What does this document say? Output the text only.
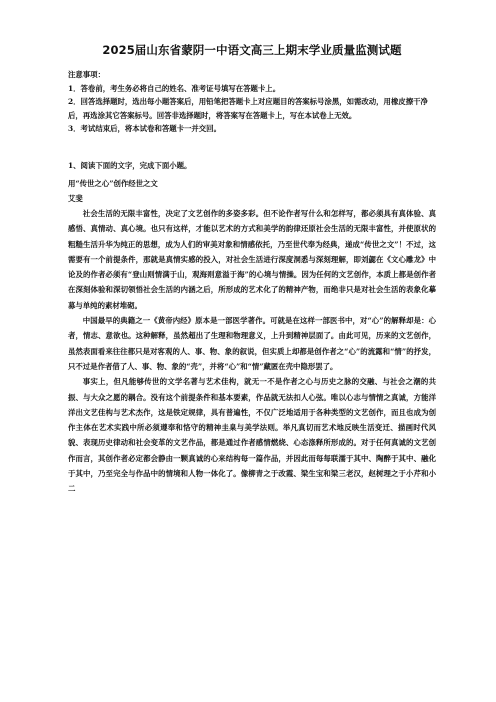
2025届山东省蒙阴一中语文高三上期末学业质量监测试题

注意事项：

1．答卷前，考生务必将自己的姓名、准考证号填写在答题卡上。

2．回答选择题时，选出每小题答案后，用铅笔把答题卡上对应题目的答案标号涂黑，如需改动，用橡皮擦干净后，再选涂其它答案标号。回答非选择题时，将答案写在答题卡上，写在本试卷上无效。

3．考试结束后，将本试卷和答题卡一并交回。

1、阅读下面的文字，完成下面小题。

用“传世之心”创作经世之文

艾斐

社会生活的无限丰富性，决定了文艺创作的多姿多彩。但不论作者写什么和怎样写，都必须具有真体验、真感悟、真情动、真心境。也只有这样，才能以艺术的方式和美学的韵律还原社会生活的无限丰富性，并使原状的粗糙生活升华为纯正的思想，成为人们的审美对象和情感依托，乃至世代奉为经典，递成“传世之文”！不过，这需要有一个前提条件，那就是真情实感的投入，对社会生活进行深度洞悉与深刻理解，即刘勰在《文心雕龙》中论及的作者必须有“登山则情满于山，观海则意溢于海”的心境与情操。因为任何的文艺创作，本质上都是创作者在深刻体验和深切领悟社会生活的内涵之后，所形成的艺术化了的精神产物，而绝非只是对社会生活的表象化摹募与单纯的素材堆砌。

中国最早的典籍之一《黄帝内经》原本是一部医学著作。可就是在这样一部医书中，对“心”的解释却是：心者，情志、意欲也。这种解释，虽然超出了生理和物理意义，上升到精神层面了。由此可见，历来的文艺创作，虽然表面看来往往都只是对客观的人、事、物、象的叙说，但实质上却都是创作者之“心”的流露和“情”的抒发，只不过是作者借了人、事、物、象的“壳”，并将“心”和“情”藏匿在壳中隐形罢了。

事实上，但凡能够传世的文学名著与艺术佳构，就无一不是作者之心与历史之脉的交融、与社会之潮的共振、与大众之愿的耦合。没有这个前提条件和基本要素，作品就无法扣人心弦。唯以心志与情情之真诚，方能洋洋出文艺佳构与艺术杰作，这是铁定规律，具有普遍性，不仅广泛地适用于各种类型的文艺创作，而且也成为创作主体在艺术实践中所必须遵奉和恪守的精神圭臬与美学法则。举凡真切而艺术地反映生活变迁、描画时代风貌、表现历史律动和社会变革的文艺作品，都是通过作者感情燃烧、心态涤释所形成的。对于任何真诚的文艺创作而言，其创作者必定都会静由一颗真诚的心来结构每一篇作品，并因此而每每联濡于其中、陶醉于其中、融化于其中，乃至完全与作品中的情境和人物一体化了。像柳青之于改霞、梁生宝和梁三老汉，赵树理之于小芹和小二
